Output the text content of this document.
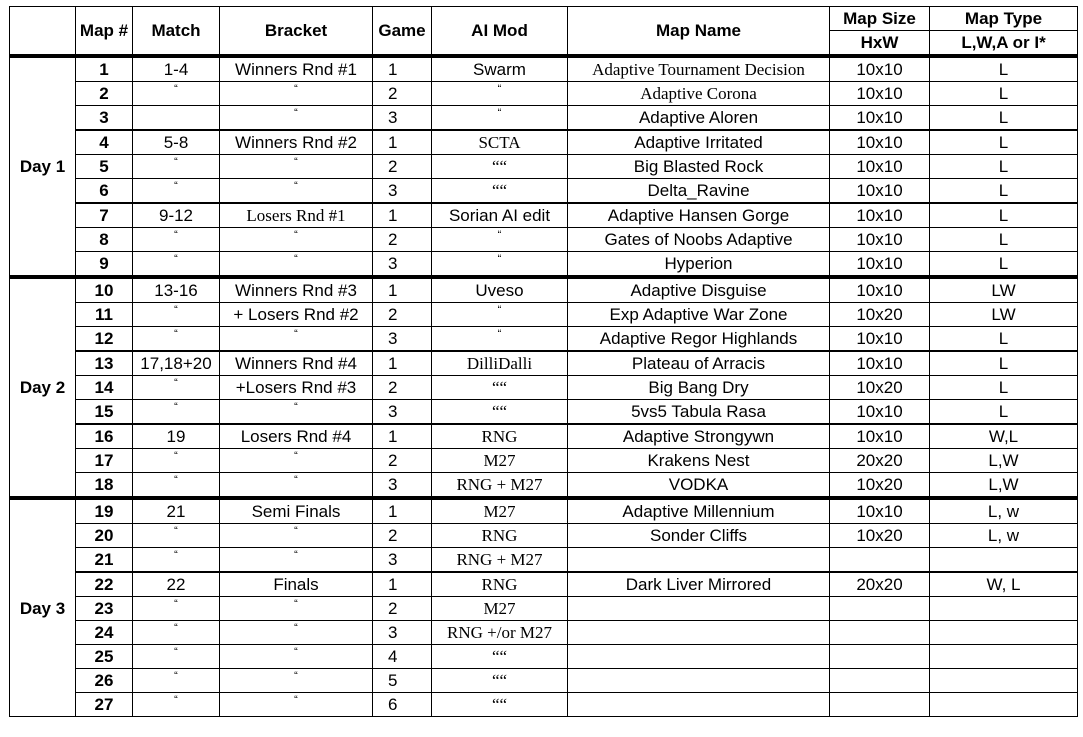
	Map #	Match	Bracket	Game	AI Mod	Map Name	Map Size	Map Type
							HxW	L,W,A or I*
Day 1	1	1-4	Winners Rnd #1	1	Swarm	Adaptive Tournament Decision	10x10	L
	2	“	“	2	“	Adaptive Corona	10x10	L
	3		“	3	“	Adaptive Aloren	10x10	L
	4	5-8	Winners Rnd #2	1	SCTA	Adaptive Irritated	10x10	L
	5	“	“	2	““	Big Blasted Rock	10x10	L
	6	“	“	3	““	Delta_Ravine	10x10	L
	7	9-12	Losers Rnd #1	1	Sorian AI edit	Adaptive Hansen Gorge	10x10	L
	8	“	“	2	“	Gates of Noobs Adaptive	10x10	L
	9	“	“	3	“	Hyperion	10x10	L
Day 2	10	13-16	Winners Rnd #3	1	Uveso	Adaptive Disguise	10x10	LW
	11	“	+ Losers Rnd #2	2	“	Exp Adaptive War Zone	10x20	LW
	12	“	“	3	“	Adaptive Regor Highlands	10x10	L
	13	17,18+20	Winners Rnd #4	1	DilliDalli	Plateau of Arracis	10x10	L
	14	“	+Losers Rnd #3	2	““	Big Bang Dry	10x20	L
	15	“	“	3	““	5vs5 Tabula Rasa	10x10	L
	16	19	Losers Rnd #4	1	RNG	Adaptive Strongywn	10x10	W,L
	17	“	“	2	M27	Krakens Nest	20x20	L,W
	18	“	“	3	RNG + M27	VODKA	10x20	L,W
Day 3	19	21	Semi Finals	1	M27	Adaptive Millennium	10x10	L, w
	20	“	“	2	RNG	Sonder Cliffs	10x20	L, w
	21	“	“	3	RNG + M27			
	22	22	Finals	1	RNG	Dark Liver Mirrored	20x20	W, L
	23	“	“	2	M27			
	24	“	“	3	RNG +/or M27			
	25	“	“	4	““			
	26	“	“	5	““			
	27	“	“	6	““			
